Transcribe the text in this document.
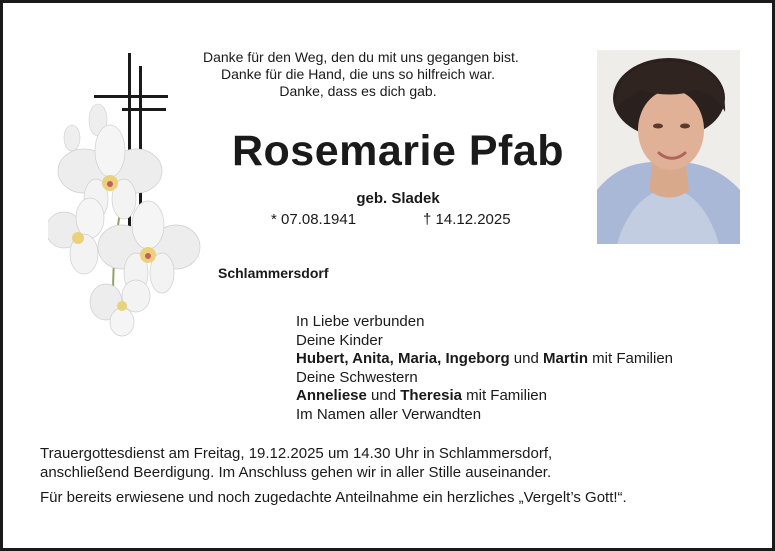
Danke für den Weg, den du mit uns gegangen bist.
Danke für die Hand, die uns so hilfreich war.
Danke, dass es dich gab.
Rosemarie Pfab
geb. Sladek
* 07.08.1941	† 14.12.2025
Schlammersdorf
In Liebe verbunden
Deine Kinder
Hubert, Anita, Maria, Ingeborg und Martin mit Familien
Deine Schwestern
Anneliese und Theresia mit Familien
Im Namen aller Verwandten
Trauergottesdienst am Freitag, 19.12.2025 um 14.30 Uhr in Schlammersdorf,
anschließend Beerdigung. Im Anschluss gehen wir in aller Stille auseinander.
Für bereits erwiesene und noch zugedachte Anteilnahme ein herzliches „Vergelt’s Gott!“.
